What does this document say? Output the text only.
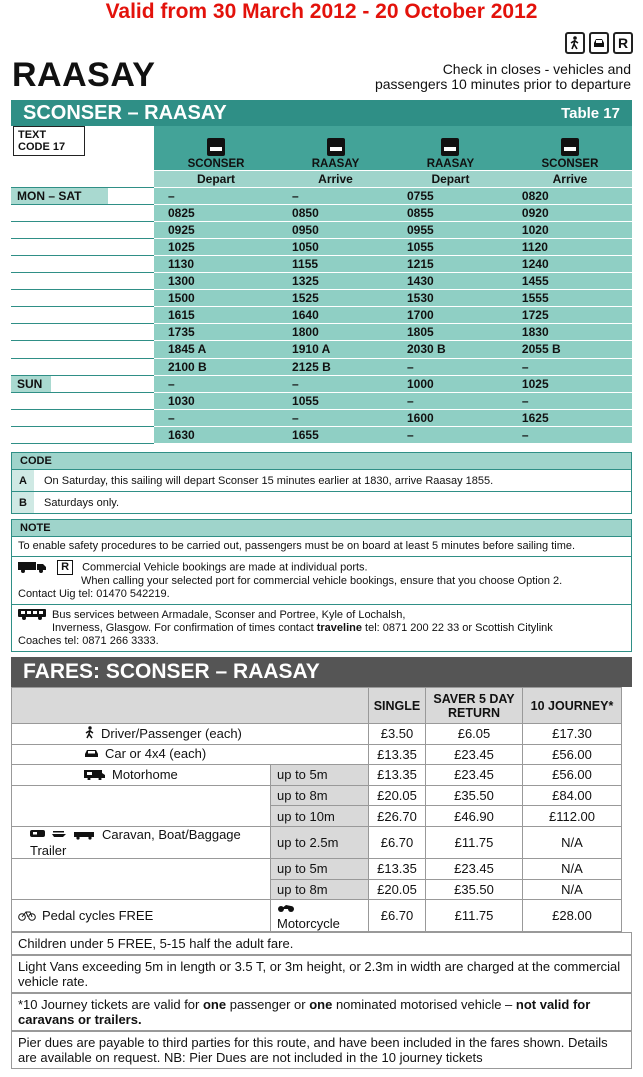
Valid from 30 March 2012 - 20 October 2012
R
RAASAY	Check in closes - vehicles and
passengers 10 minutes prior to departure
SCONSER – RAASAY	Table 17
TEXT
CODE 17	SCONSER	RAASAY	RAASAY	SCONSER
	Depart	Arrive	Depart	Arrive
MON – SAT	–	–	0755	0820
	0825	0850	0855	0920
	0925	0950	0955	1020
	1025	1050	1055	1120
	1130	1155	1215	1240
	1300	1325	1430	1455
	1500	1525	1530	1555
	1615	1640	1700	1725
	1735	1800	1805	1830
	1845 A	1910 A	2030 B	2055 B
	2100 B	2125 B	–	–
SUN	–	–	1000	1025
	1030	1055	–	–
	–	–	1600	1625
	1630	1655	–	–
CODE
A	On Saturday, this sailing will depart Sconser 15 minutes earlier at 1830, arrive Raasay 1855.
B	Saturdays only.
NOTE
To enable safety procedures to be carried out, passengers must be on board at least 5 minutes before sailing time.
R Commercial Vehicle bookings are made at individual ports.
When calling your selected port for commercial vehicle bookings, ensure that you choose Option 2.
Contact Uig tel: 01470 542219.
Bus services between Armadale, Sconser and Portree, Kyle of Lochalsh,
Inverness, Glasgow. For confirmation of times contact traveline tel: 0871 200 22 33 or Scottish Citylink
Coaches tel: 0871 266 3333.
FARES: SCONSER – RAASAY
		SINGLE	SAVER 5 DAY RETURN	10 JOURNEY*

Driver/Passenger (each)		£3.50	£6.05	£17.30

Car or 4x4 (each)		£13.35	£23.45	£56.00

Motorhome	up to 5m	£13.35	£23.45	£56.00
	up to 8m	£20.05	£35.50	£84.00
	up to 10m	£26.70	£46.90	£112.00

Caravan, Boat/Baggage Trailer	up to 2.5m	£6.70	£11.75	N/A
	up to 5m	£13.35	£23.45	N/A
	up to 8m	£20.05	£35.50	N/A

Pedal cycles FREE	Motorcycle	£6.70	£11.75	£28.00
Children under 5 FREE, 5-15 half the adult fare.
Light Vans exceeding 5m in length or 3.5 T, or 3m height, or 2.3m in width are charged at the commercial vehicle rate.
*10 Journey tickets are valid for one passenger or one nominated motorised vehicle – not valid for caravans or trailers.
Pier dues are payable to third parties for this route, and have been included in the fares shown. Details are available on request. NB: Pier Dues are not included in the 10 journey tickets
